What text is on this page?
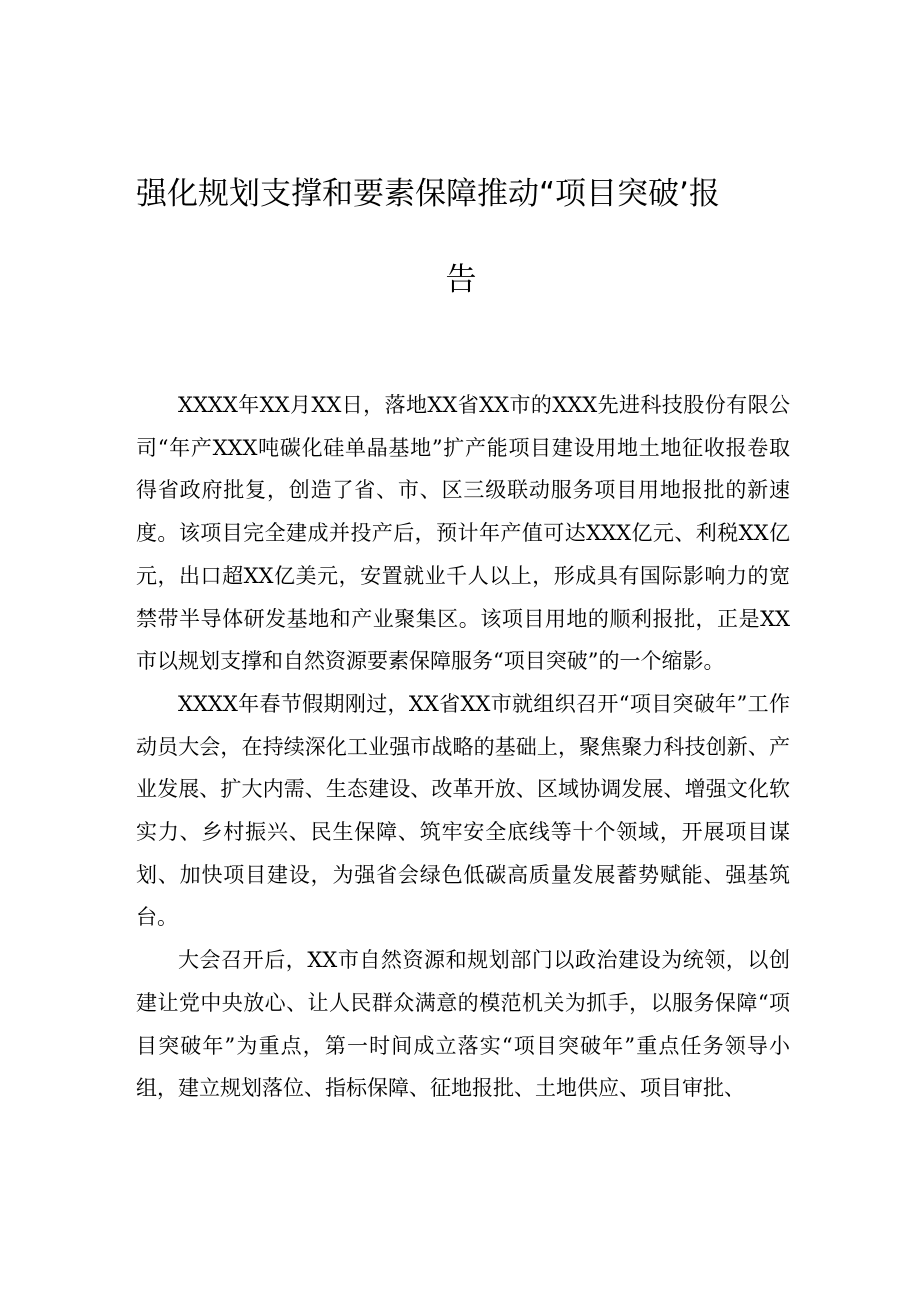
强化规划支撑和要素保障推动“项目突破’报
告

XXXX年XX月XX日，落地XX省XX市的XXX先进科技股份有限公司“年产XXX吨碳化硅单晶基地”扩产能项目建设用地土地征收报卷取得省政府批复，创造了省、市、区三级联动服务项目用地报批的新速度。该项目完全建成并投产后，预计年产值可达XXX亿元、利税XX亿元，出口超XX亿美元，安置就业千人以上，形成具有国际影响力的宽禁带半导体研发基地和产业聚集区。该项目用地的顺利报批，正是XX市以规划支撑和自然资源要素保障服务“项目突破”的一个缩影。

XXXX年春节假期刚过，XX省XX市就组织召开“项目突破年”工作动员大会，在持续深化工业强市战略的基础上，聚焦聚力科技创新、产业发展、扩大内需、生态建设、改革开放、区域协调发展、增强文化软实力、乡村振兴、民生保障、筑牢安全底线等十个领域，开展项目谋划、加快项目建设，为强省会绿色低碳高质量发展蓄势赋能、强基筑台。

大会召开后，XX市自然资源和规划部门以政治建设为统领，以创建让党中央放心、让人民群众满意的模范机关为抓手，以服务保障“项目突破年”为重点，第一时间成立落实“项目突破年”重点任务领导小组，建立规划落位、指标保障、征地报批、土地供应、项目审批、
